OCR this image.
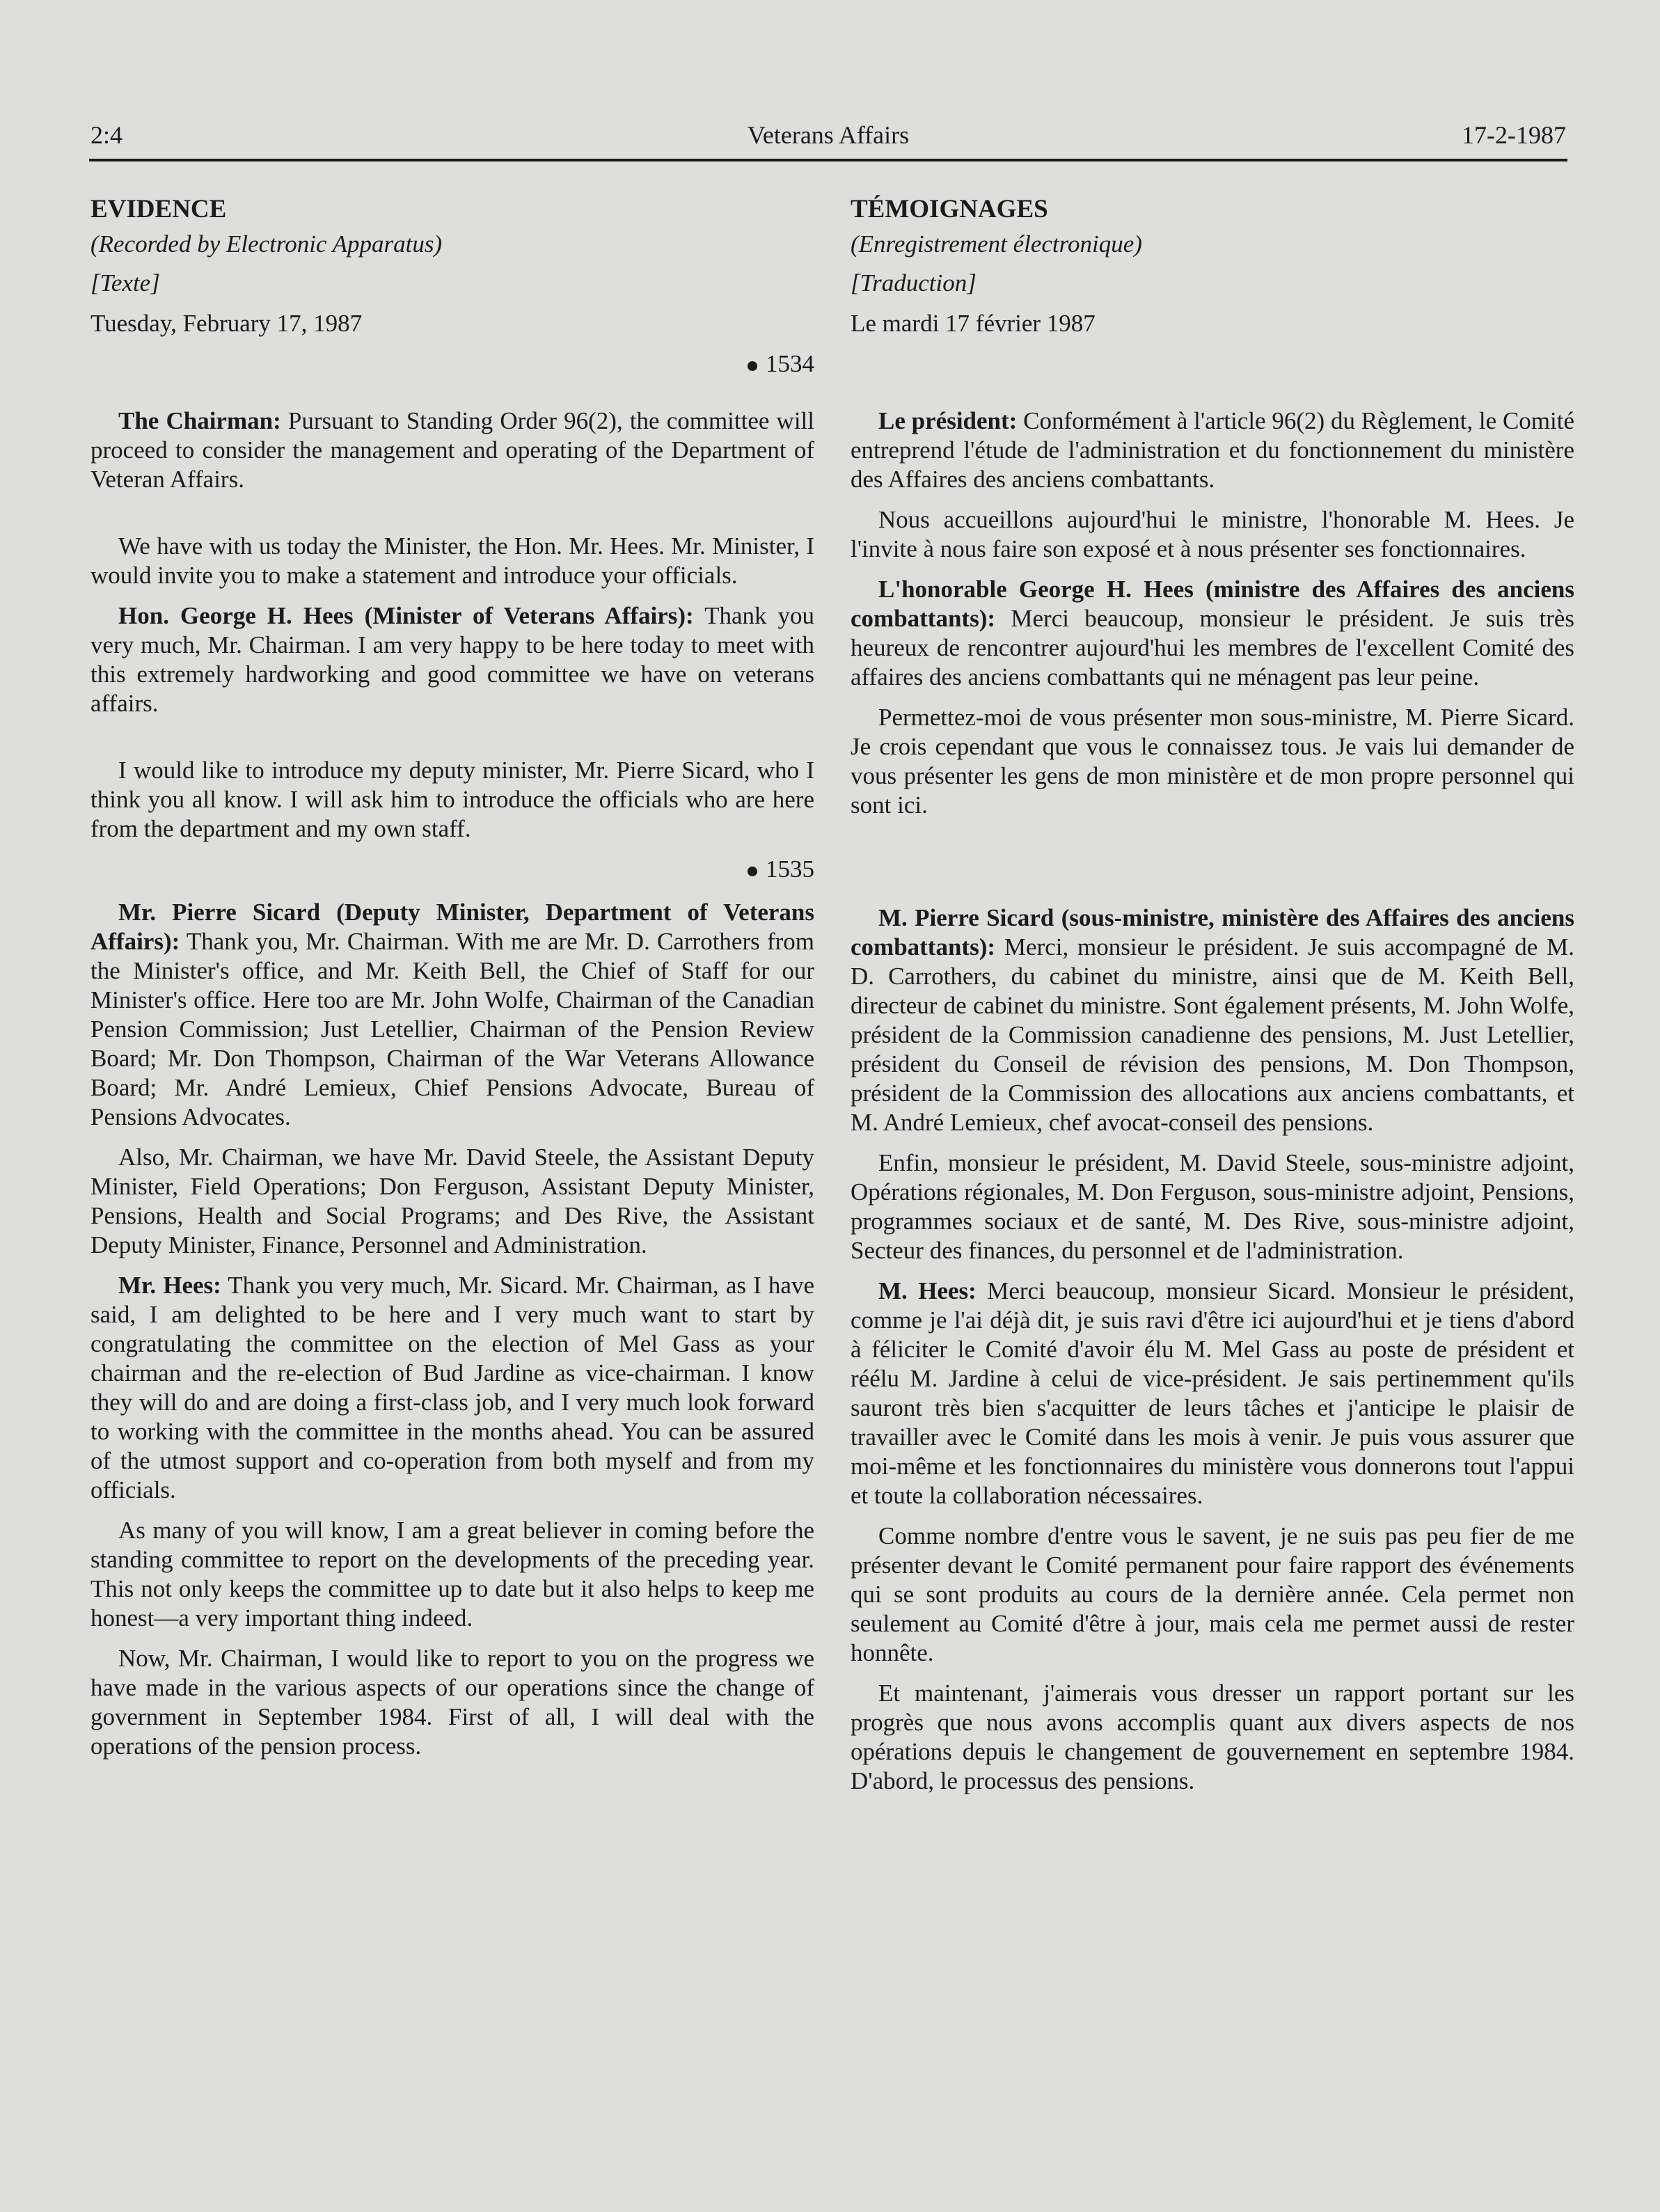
2:4	Veterans Affairs	17-2-1987

EVIDENCE

(Recorded by Electronic Apparatus)

[Texte]

Tuesday, February 17, 1987

1534

The Chairman: Pursuant to Standing Order 96(2), the committee will proceed to consider the management and operating of the Department of Veteran Affairs.

We have with us today the Minister, the Hon. Mr. Hees. Mr. Minister, I would invite you to make a statement and introduce your officials.

Hon. George H. Hees (Minister of Veterans Affairs): Thank you very much, Mr. Chairman. I am very happy to be here today to meet with this extremely hardworking and good committee we have on veterans affairs.

I would like to introduce my deputy minister, Mr. Pierre Sicard, who I think you all know. I will ask him to introduce the officials who are here from the department and my own staff.

1535

Mr. Pierre Sicard (Deputy Minister, Department of Veterans Affairs): Thank you, Mr. Chairman. With me are Mr. D. Carrothers from the Minister's office, and Mr. Keith Bell, the Chief of Staff for our Minister's office. Here too are Mr. John Wolfe, Chairman of the Canadian Pension Commission; Just Letellier, Chairman of the Pension Review Board; Mr. Don Thompson, Chairman of the War Veterans Allowance Board; Mr. André Lemieux, Chief Pensions Advocate, Bureau of Pensions Advocates.

Also, Mr. Chairman, we have Mr. David Steele, the Assistant Deputy Minister, Field Operations; Don Ferguson, Assistant Deputy Minister, Pensions, Health and Social Programs; and Des Rive, the Assistant Deputy Minister, Finance, Personnel and Administration.

Mr. Hees: Thank you very much, Mr. Sicard. Mr. Chairman, as I have said, I am delighted to be here and I very much want to start by congratulating the committee on the election of Mel Gass as your chairman and the re-election of Bud Jardine as vice-chairman. I know they will do and are doing a first-class job, and I very much look forward to working with the committee in the months ahead. You can be assured of the utmost support and co-operation from both myself and from my officials.

As many of you will know, I am a great believer in coming before the standing committee to report on the developments of the preceding year. This not only keeps the committee up to date but it also helps to keep me honest—a very important thing indeed.

Now, Mr. Chairman, I would like to report to you on the progress we have made in the various aspects of our operations since the change of government in September 1984. First of all, I will deal with the operations of the pension process.

TÉMOIGNAGES

(Enregistrement électronique)

[Traduction]

Le mardi 17 février 1987

Le président: Conformément à l'article 96(2) du Règlement, le Comité entreprend l'étude de l'administration et du fonctionnement du ministère des Affaires des anciens combattants.

Nous accueillons aujourd'hui le ministre, l'honorable M. Hees. Je l'invite à nous faire son exposé et à nous présenter ses fonctionnaires.

L'honorable George H. Hees (ministre des Affaires des anciens combattants): Merci beaucoup, monsieur le président. Je suis très heureux de rencontrer aujourd'hui les membres de l'excellent Comité des affaires des anciens combattants qui ne ménagent pas leur peine.

Permettez-moi de vous présenter mon sous-ministre, M. Pierre Sicard. Je crois cependant que vous le connaissez tous. Je vais lui demander de vous présenter les gens de mon ministère et de mon propre personnel qui sont ici.

M. Pierre Sicard (sous-ministre, ministère des Affaires des anciens combattants): Merci, monsieur le président. Je suis accompagné de M. D. Carrothers, du cabinet du ministre, ainsi que de M. Keith Bell, directeur de cabinet du ministre. Sont également présents, M. John Wolfe, président de la Commission canadienne des pensions, M. Just Letellier, président du Conseil de révision des pensions, M. Don Thompson, président de la Commission des allocations aux anciens combattants, et M. André Lemieux, chef avocat-conseil des pensions.

Enfin, monsieur le président, M. David Steele, sous-ministre adjoint, Opérations régionales, M. Don Ferguson, sous-ministre adjoint, Pensions, programmes sociaux et de santé, M. Des Rive, sous-ministre adjoint, Secteur des finances, du personnel et de l'administration.

M. Hees: Merci beaucoup, monsieur Sicard. Monsieur le président, comme je l'ai déjà dit, je suis ravi d'être ici aujourd'hui et je tiens d'abord à féliciter le Comité d'avoir élu M. Mel Gass au poste de président et réélu M. Jardine à celui de vice-président. Je sais pertinemment qu'ils sauront très bien s'acquitter de leurs tâches et j'anticipe le plaisir de travailler avec le Comité dans les mois à venir. Je puis vous assurer que moi-même et les fonctionnaires du ministère vous donnerons tout l'appui et toute la collaboration nécessaires.

Comme nombre d'entre vous le savent, je ne suis pas peu fier de me présenter devant le Comité permanent pour faire rapport des événements qui se sont produits au cours de la dernière année. Cela permet non seulement au Comité d'être à jour, mais cela me permet aussi de rester honnête.

Et maintenant, j'aimerais vous dresser un rapport portant sur les progrès que nous avons accomplis quant aux divers aspects de nos opérations depuis le changement de gouvernement en septembre 1984. D'abord, le processus des pensions.
